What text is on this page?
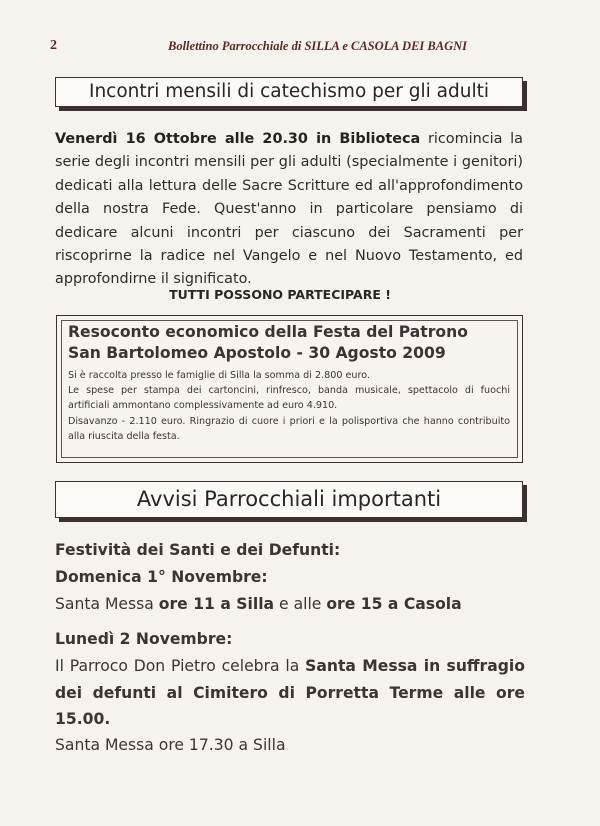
2	Bollettino Parrocchiale di SILLA e CASOLA DEI BAGNI
Incontri mensili di catechismo per gli adulti
Venerdì 16 Ottobre alle 20.30 in Biblioteca ricomincia la serie degli incontri mensili per gli adulti (specialmente i genitori) dedicati alla lettura delle Sacre Scritture ed all'approfondimento della nostra Fede. Quest'anno in particolare pensiamo di dedicare alcuni incontri per ciascuno dei Sacramenti per riscoprirne la radice nel Vangelo e nel Nuovo Testamento, ed approfondirne il significato.
TUTTI POSSONO PARTECIPARE !
Resoconto economico della Festa del Patrono
San Bartolomeo Apostolo - 30 Agosto 2009
Si è raccolta presso le famiglie di Silla la somma di 2.800 euro.
Le spese per stampa dei cartoncini, rinfresco, banda musicale, spettacolo di fuochi artificiali ammontano complessivamente ad euro 4.910.
Disavanzo - 2.110 euro. Ringrazio di cuore i priori e la polisportiva che hanno contribuito alla riuscita della festa.
Avvisi Parrocchiali importanti
Festività dei Santi e dei Defunti:
Domenica 1° Novembre:
Santa Messa ore 11 a Silla e alle ore 15 a Casola
Lunedì 2 Novembre:
Il Parroco Don Pietro celebra la Santa Messa in suffragio dei defunti al Cimitero di Porretta Terme alle ore 15.00.
Santa Messa ore 17.30 a Silla
